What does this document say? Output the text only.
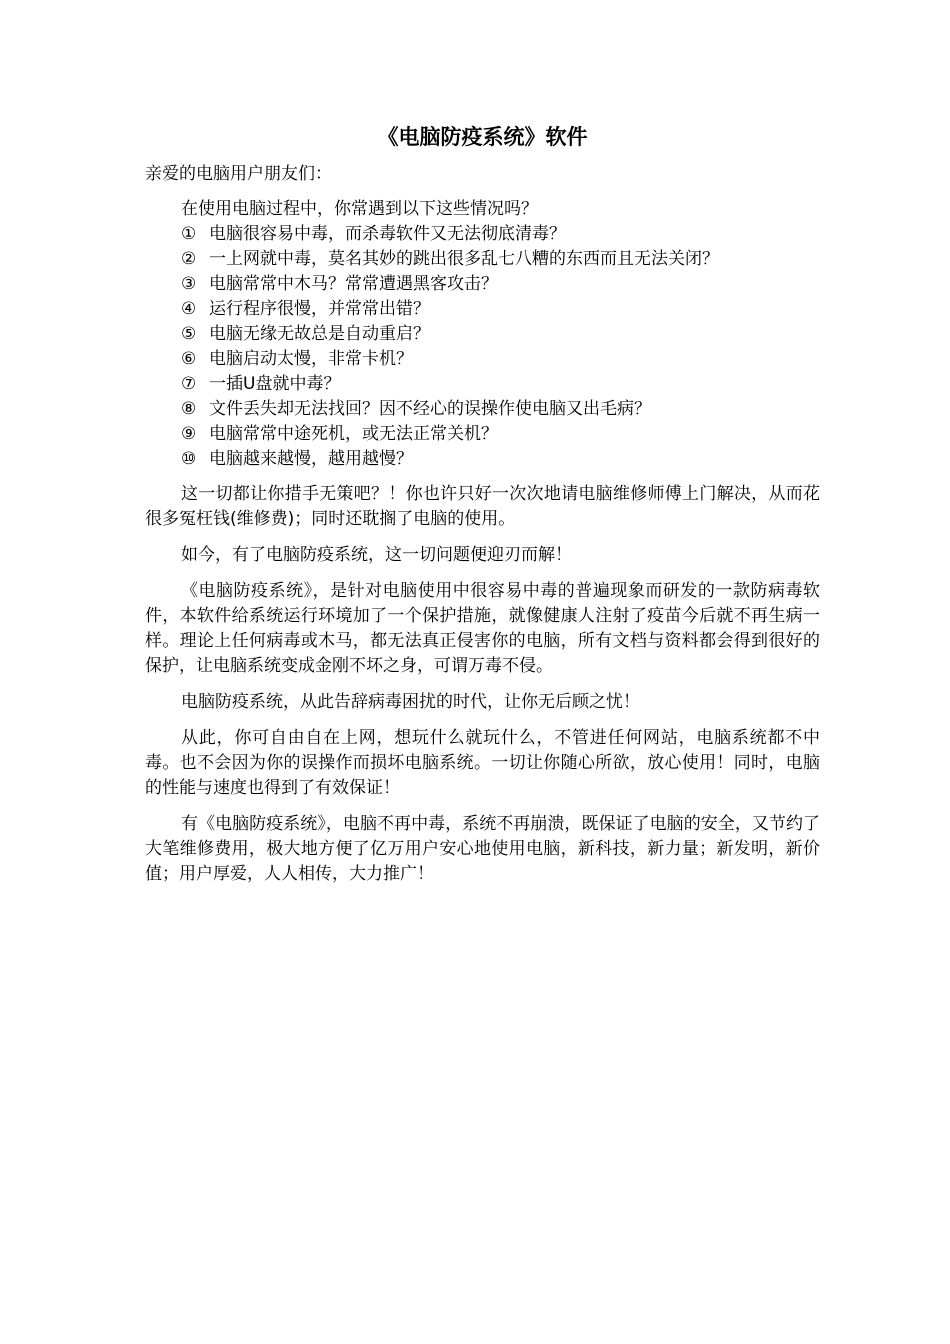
《电脑防疫系统》软件

亲爱的电脑用户朋友们：

在使用电脑过程中，你常遇到以下这些情况吗？

① 电脑很容易中毒，而杀毒软件又无法彻底清毒？
② 一上网就中毒，莫名其妙的跳出很多乱七八糟的东西而且无法关闭？
③ 电脑常常中木马？常常遭遇黑客攻击？
④ 运行程序很慢，并常常出错？
⑤ 电脑无缘无故总是自动重启？
⑥ 电脑启动太慢，非常卡机？
⑦ 一插U盘就中毒？
⑧ 文件丢失却无法找回？因不经心的误操作使电脑又出毛病？
⑨ 电脑常常中途死机，或无法正常关机？
⑩ 电脑越来越慢，越用越慢？

这一切都让你措手无策吧？！你也许只好一次次地请电脑维修师傅上门解决，从而花很多冤枉钱(维修费)；同时还耽搁了电脑的使用。

如今，有了电脑防疫系统，这一切问题便迎刃而解！

《电脑防疫系统》，是针对电脑使用中很容易中毒的普遍现象而研发的一款防病毒软件，本软件给系统运行环境加了一个保护措施，就像健康人注射了疫苗今后就不再生病一样。理论上任何病毒或木马，都无法真正侵害你的电脑，所有文档与资料都会得到很好的保护，让电脑系统变成金刚不坏之身，可谓万毒不侵。

电脑防疫系统，从此告辞病毒困扰的时代，让你无后顾之忧！

从此，你可自由自在上网，想玩什么就玩什么，不管进任何网站，电脑系统都不中毒。也不会因为你的误操作而损坏电脑系统。一切让你随心所欲，放心使用！同时，电脑的性能与速度也得到了有效保证！

有《电脑防疫系统》，电脑不再中毒，系统不再崩溃，既保证了电脑的安全，又节约了大笔维修费用，极大地方便了亿万用户安心地使用电脑，新科技，新力量；新发明，新价值；用户厚爱，人人相传，大力推广！
